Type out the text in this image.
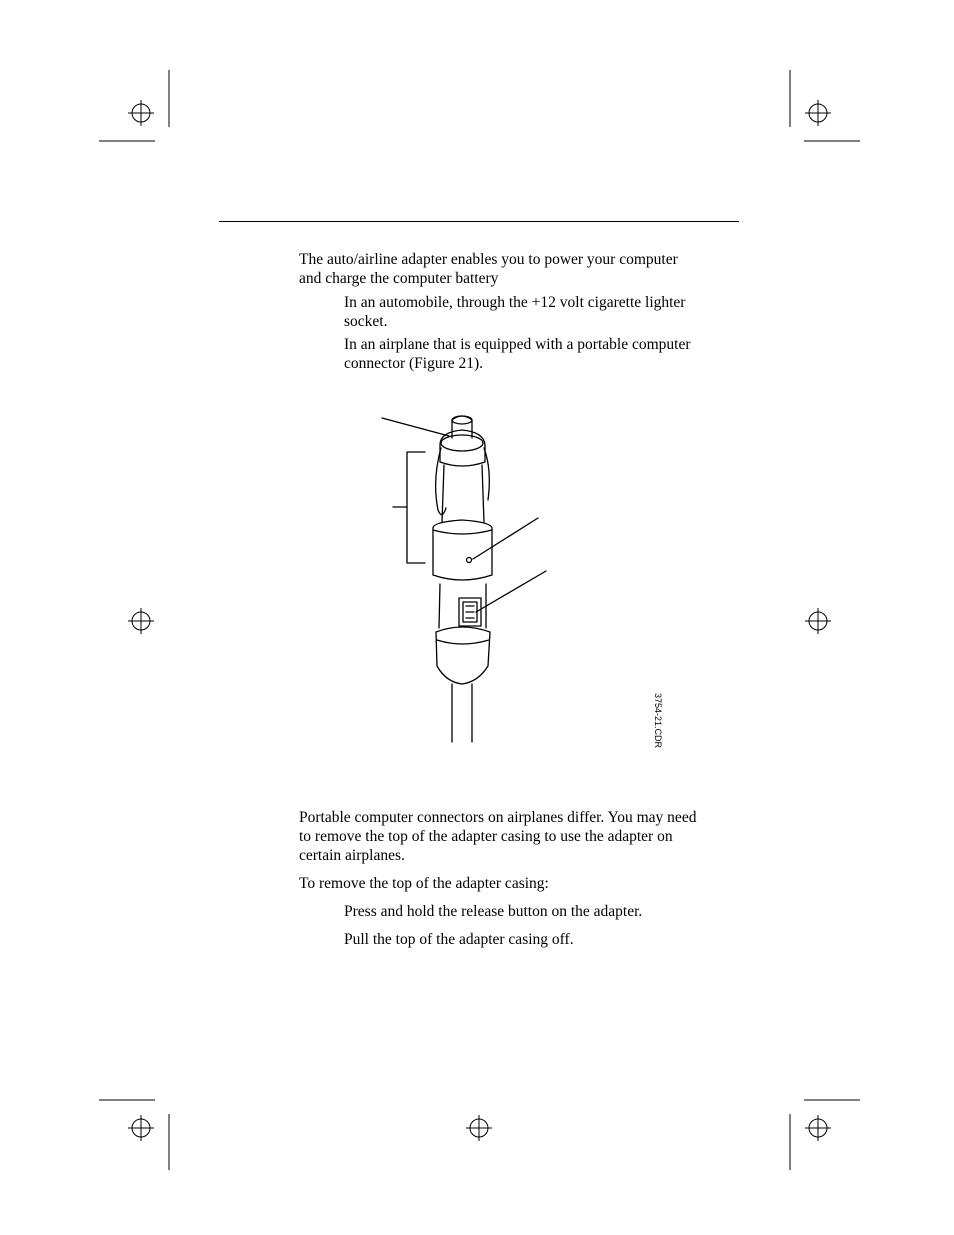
The auto/airline adapter enables you to power your computer
and charge the computer battery

In an automobile, through the +12 volt cigarette lighter
socket.

In an airplane that is equipped with a portable computer
connector (Figure 21).

3754-21.CDR

Portable computer connectors on airplanes differ. You may need
to remove the top of the adapter casing to use the adapter on
certain airplanes.

To remove the top of the adapter casing:

Press and hold the release button on the adapter.

Pull the top of the adapter casing off.
